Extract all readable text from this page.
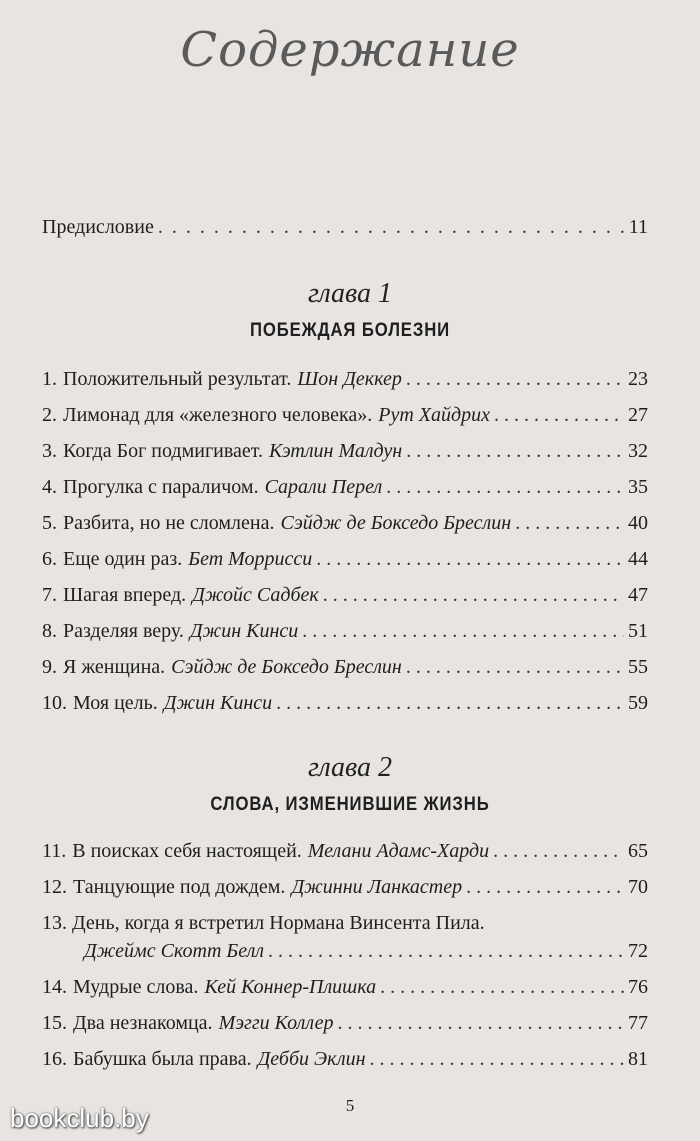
Содержание
Предисловие . . .	11
глава 1
ПОБЕЖДАЯ БОЛЕЗНИ
1. Положительный результат. Шон Деккер . . .	23
2. Лимонад для «железного человека». Рут Хайдрих . . .	27
3. Когда Бог подмигивает. Кэтлин Малдун . . .	32
4. Прогулка с параличом. Сарали Перел . . .	35
5. Разбита, но не сломлена. Сэйдж де Бокседо Бреслин . . .	40
6. Еще один раз. Бет Моррисси . . .	44
7. Шагая вперед. Джойс Садбек . . .	47
8. Разделяя веру. Джин Кинси . . .	51
9. Я женщина. Сэйдж де Бокседо Бреслин . . .	55
10. Моя цель. Джин Кинси . . .	59
глава 2
СЛОВА, ИЗМЕНИВШИЕ ЖИЗНЬ
11. В поисках себя настоящей. Мелани Адамс-Харди . . .	65
12. Танцующие под дождем. Джинни Ланкастер . . .	70
13. День, когда я встретил Нормана Винсента Пила.
Джеймс Скотт Белл . . .	72
14. Мудрые слова. Кей Коннер-Плишка . . .	76
15. Два незнакомца. Мэгги Коллер . . .	77
16. Бабушка была права. Дебби Эклин . . .	81
5
bookclub.by
